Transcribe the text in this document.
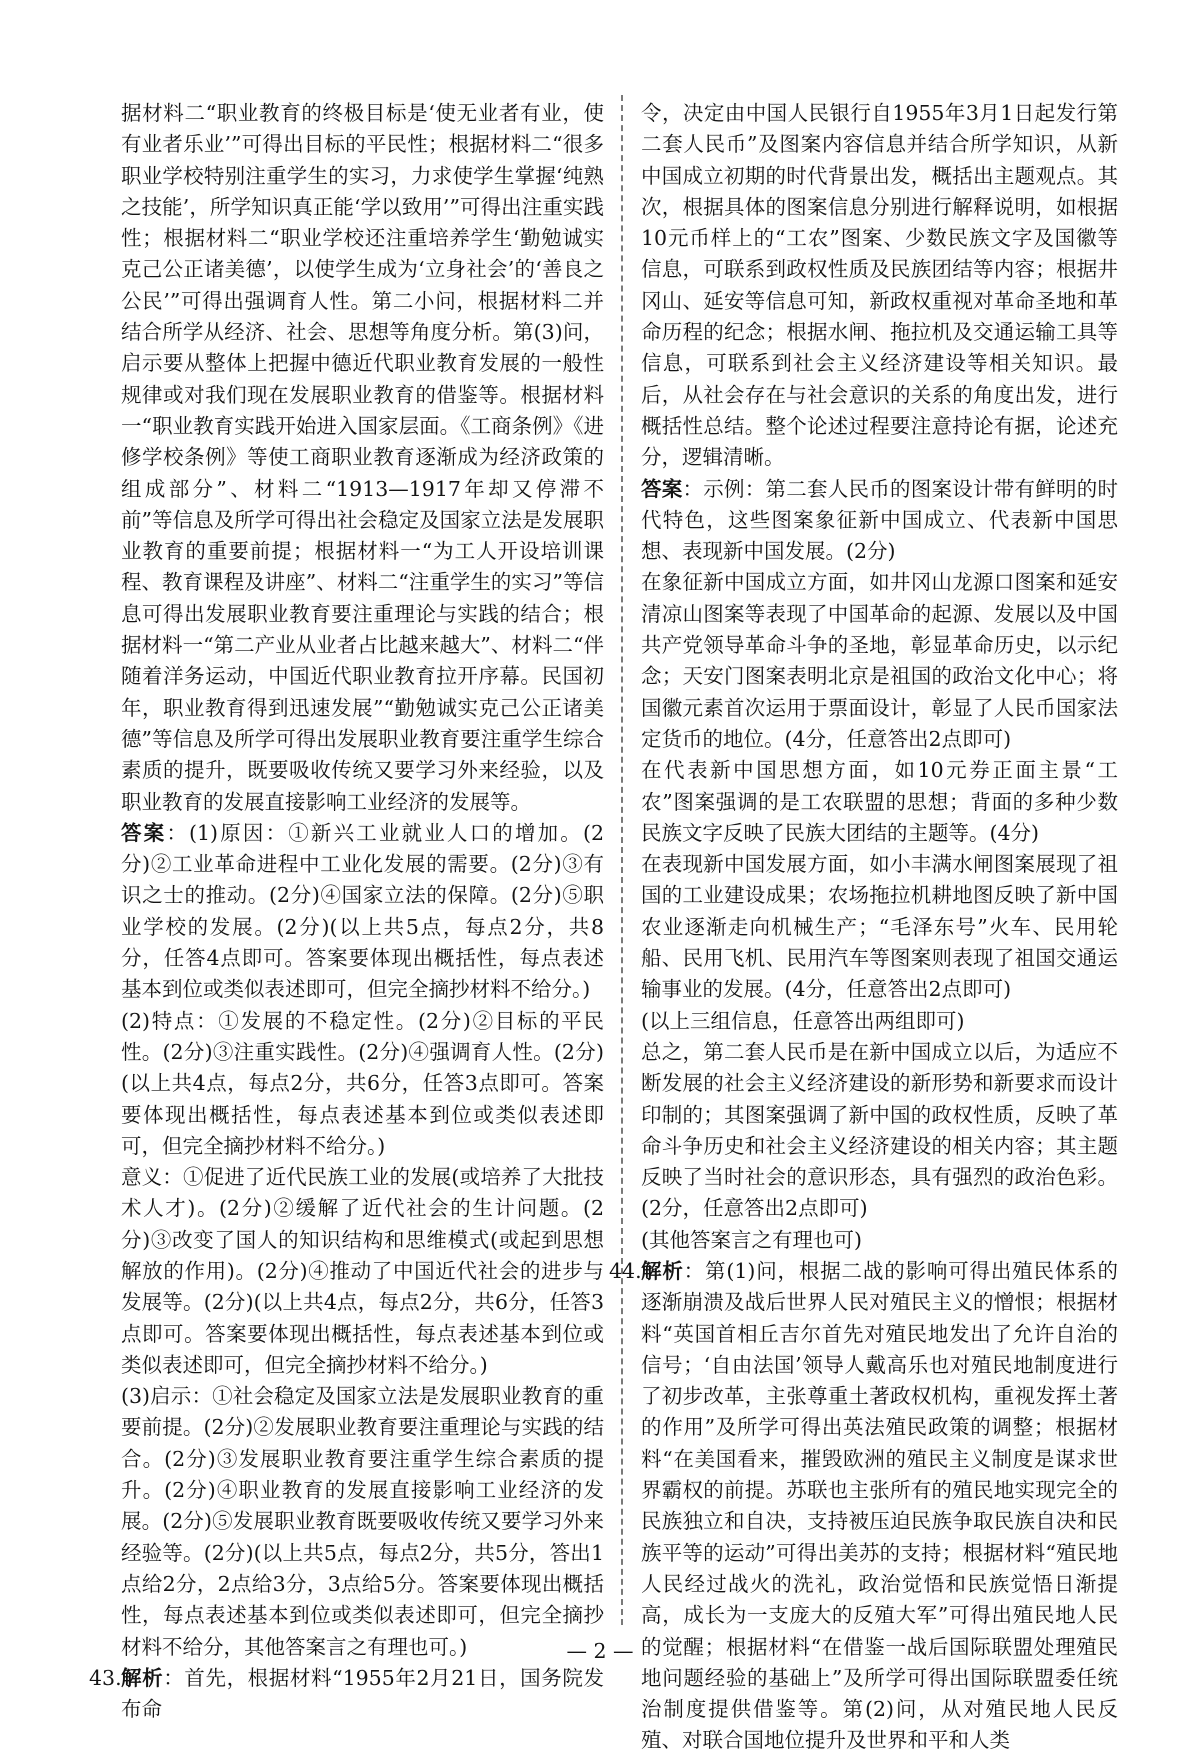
据材料二“职业教育的终极目标是‘使无业者有业，使有业者乐业’”可得出目标的平民性；根据材料二“很多职业学校特别注重学生的实习，力求使学生掌握‘纯熟之技能’，所学知识真正能‘学以致用’”可得出注重实践性；根据材料二“职业学校还注重培养学生‘勤勉诚实克己公正诸美德’，以使学生成为‘立身社会’的‘善良之公民’”可得出强调育人性。第二小问，根据材料二并结合所学从经济、社会、思想等角度分析。第(3)问，启示要从整体上把握中德近代职业教育发展的一般性规律或对我们现在发展职业教育的借鉴等。根据材料一“职业教育实践开始进入国家层面。《工商条例》《进修学校条例》等使工商职业教育逐渐成为经济政策的组成部分”、材料二“1913—1917年却又停滞不前”等信息及所学可得出社会稳定及国家立法是发展职业教育的重要前提；根据材料一“为工人开设培训课程、教育课程及讲座”、材料二“注重学生的实习”等信息可得出发展职业教育要注重理论与实践的结合；根据材料一“第二产业从业者占比越来越大”、材料二“伴随着洋务运动，中国近代职业教育拉开序幕。民国初年，职业教育得到迅速发展”“勤勉诚实克己公正诸美德”等信息及所学可得出发展职业教育要注重学生综合素质的提升，既要吸收传统又要学习外来经验，以及职业教育的发展直接影响工业经济的发展等。

答案：(1)原因：①新兴工业就业人口的增加。(2分)②工业革命进程中工业化发展的需要。(2分)③有识之士的推动。(2分)④国家立法的保障。(2分)⑤职业学校的发展。(2分)(以上共5点，每点2分，共8分，任答4点即可。答案要体现出概括性，每点表述基本到位或类似表述即可，但完全摘抄材料不给分。)

(2)特点：①发展的不稳定性。(2分)②目标的平民性。(2分)③注重实践性。(2分)④强调育人性。(2分)(以上共4点，每点2分，共6分，任答3点即可。答案要体现出概括性，每点表述基本到位或类似表述即可，但完全摘抄材料不给分。)

意义：①促进了近代民族工业的发展(或培养了大批技术人才)。(2分)②缓解了近代社会的生计问题。(2分)③改变了国人的知识结构和思维模式(或起到思想解放的作用)。(2分)④推动了中国近代社会的进步与发展等。(2分)(以上共4点，每点2分，共6分，任答3点即可。答案要体现出概括性，每点表述基本到位或类似表述即可，但完全摘抄材料不给分。)

(3)启示：①社会稳定及国家立法是发展职业教育的重要前提。(2分)②发展职业教育要注重理论与实践的结合。(2分)③发展职业教育要注重学生综合素质的提升。(2分)④职业教育的发展直接影响工业经济的发展。(2分)⑤发展职业教育既要吸收传统又要学习外来经验等。(2分)(以上共5点，每点2分，共5分，答出1点给2分，2点给3分，3点给5分。答案要体现出概括性，每点表述基本到位或类似表述即可，但完全摘抄材料不给分，其他答案言之有理也可。)

43. 解析：首先，根据材料“1955年2月21日，国务院发布命

令，决定由中国人民银行自1955年3月1日起发行第二套人民币”及图案内容信息并结合所学知识，从新中国成立初期的时代背景出发，概括出主题观点。其次，根据具体的图案信息分别进行解释说明，如根据10元币样上的“工农”图案、少数民族文字及国徽等信息，可联系到政权性质及民族团结等内容；根据井冈山、延安等信息可知，新政权重视对革命圣地和革命历程的纪念；根据水闸、拖拉机及交通运输工具等信息，可联系到社会主义经济建设等相关知识。最后，从社会存在与社会意识的关系的角度出发，进行概括性总结。整个论述过程要注意持论有据，论述充分，逻辑清晰。

答案：示例：第二套人民币的图案设计带有鲜明的时代特色，这些图案象征新中国成立、代表新中国思想、表现新中国发展。(2分)

在象征新中国成立方面，如井冈山龙源口图案和延安清凉山图案等表现了中国革命的起源、发展以及中国共产党领导革命斗争的圣地，彰显革命历史，以示纪念；天安门图案表明北京是祖国的政治文化中心；将国徽元素首次运用于票面设计，彰显了人民币国家法定货币的地位。(4分，任意答出2点即可)

在代表新中国思想方面，如10元券正面主景“工农”图案强调的是工农联盟的思想；背面的多种少数民族文字反映了民族大团结的主题等。(4分)

在表现新中国发展方面，如小丰满水闸图案展现了祖国的工业建设成果；农场拖拉机耕地图反映了新中国农业逐渐走向机械生产；“毛泽东号”火车、民用轮船、民用飞机、民用汽车等图案则表现了祖国交通运输事业的发展。(4分，任意答出2点即可)

(以上三组信息，任意答出两组即可)

总之，第二套人民币是在新中国成立以后，为适应不断发展的社会主义经济建设的新形势和新要求而设计印制的；其图案强调了新中国的政权性质，反映了革命斗争历史和社会主义经济建设的相关内容；其主题反映了当时社会的意识形态，具有强烈的政治色彩。(2分，任意答出2点即可)

(其他答案言之有理也可)

44. 解析：第(1)问，根据二战的影响可得出殖民体系的逐渐崩溃及战后世界人民对殖民主义的憎恨；根据材料“英国首相丘吉尔首先对殖民地发出了允许自治的信号；‘自由法国’领导人戴高乐也对殖民地制度进行了初步改革，主张尊重土著政权机构，重视发挥土著的作用”及所学可得出英法殖民政策的调整；根据材料“在美国看来，摧毁欧洲的殖民主义制度是谋求世界霸权的前提。苏联也主张所有的殖民地实现完全的民族独立和自决，支持被压迫民族争取民族自决和民族平等的运动”可得出美苏的支持；根据材料“殖民地人民经过战火的洗礼，政治觉悟和民族觉悟日渐提高，成长为一支庞大的反殖大军”可得出殖民地人民的觉醒；根据材料“在借鉴一战后国际联盟处理殖民地问题经验的基础上”及所学可得出国际联盟委任统治制度提供借鉴等。第(2)问，从对殖民地人民反殖、对联合国地位提升及世界和平和人类

— 2 —
